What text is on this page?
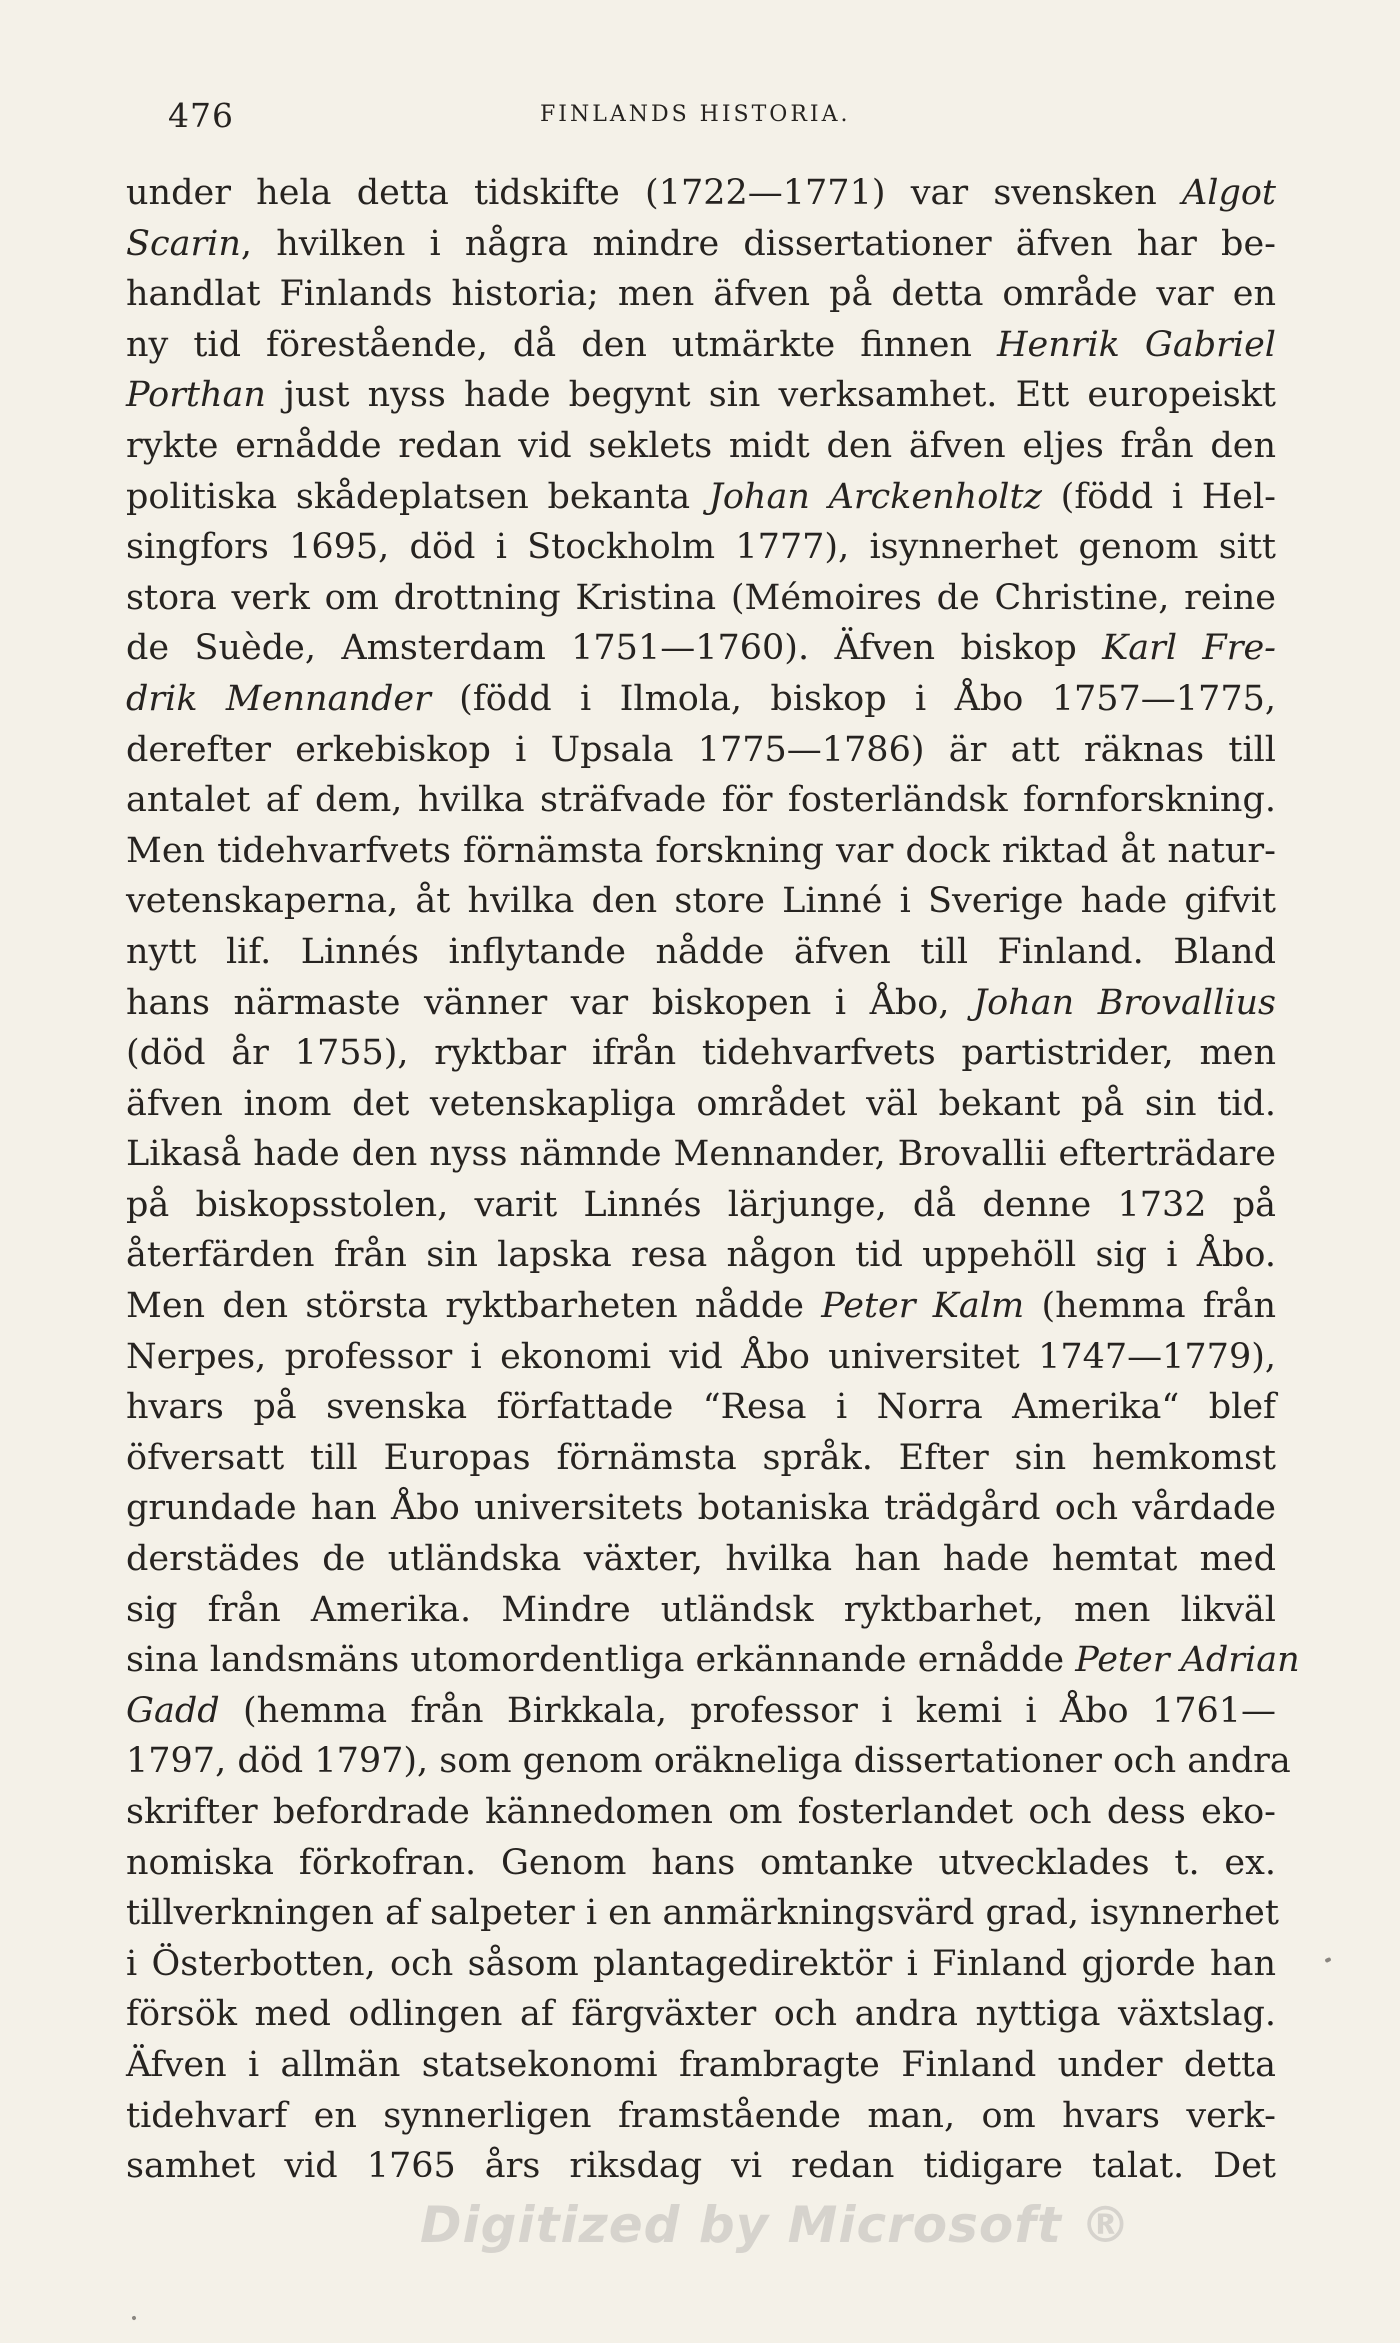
476	FINLANDS HISTORIA.
under hela detta tidskifte (1722—1771) var svensken Algot
Scarin, hvilken i några mindre dissertationer äfven har be-
handlat Finlands historia; men äfven på detta område var en
ny tid förestående, då den utmärkte finnen Henrik Gabriel
Porthan just nyss hade begynt sin verksamhet. Ett europeiskt
rykte ernådde redan vid seklets midt den äfven eljes från den
politiska skådeplatsen bekanta Johan Arckenholtz (född i Hel-
singfors 1695, död i Stockholm 1777), isynnerhet genom sitt
stora verk om drottning Kristina (Mémoires de Christine, reine
de Suède, Amsterdam 1751—1760). Äfven biskop Karl Fre-
drik Mennander (född i Ilmola, biskop i Åbo 1757—1775,
derefter erkebiskop i Upsala 1775—1786) är att räknas till
antalet af dem, hvilka sträfvade för fosterländsk fornforskning.
Men tidehvarfvets förnämsta forskning var dock riktad åt natur-
vetenskaperna, åt hvilka den store Linné i Sverige hade gifvit
nytt lif. Linnés inflytande nådde äfven till Finland. Bland
hans närmaste vänner var biskopen i Åbo, Johan Brovallius
(död år 1755), ryktbar ifrån tidehvarfvets partistrider, men
äfven inom det vetenskapliga området väl bekant på sin tid.
Likaså hade den nyss nämnde Mennander, Brovallii efterträdare
på biskopsstolen, varit Linnés lärjunge, då denne 1732 på
återfärden från sin lapska resa någon tid uppehöll sig i Åbo.
Men den största ryktbarheten nådde Peter Kalm (hemma från
Nerpes, professor i ekonomi vid Åbo universitet 1747—1779),
hvars på svenska författade “Resa i Norra Amerika“ blef
öfversatt till Europas förnämsta språk. Efter sin hemkomst
grundade han Åbo universitets botaniska trädgård och vårdade
derstädes de utländska växter, hvilka han hade hemtat med
sig från Amerika. Mindre utländsk ryktbarhet, men likväl
sina landsmäns utomordentliga erkännande ernådde Peter Adrian
Gadd (hemma från Birkkala, professor i kemi i Åbo 1761—
1797, död 1797), som genom oräkneliga dissertationer och andra
skrifter befordrade kännedomen om fosterlandet och dess eko-
nomiska förkofran. Genom hans omtanke utvecklades t. ex.
tillverkningen af salpeter i en anmärkningsvärd grad, isynnerhet
i Österbotten, och såsom plantagedirektör i Finland gjorde han
försök med odlingen af färgväxter och andra nyttiga växtslag.
Äfven i allmän statsekonomi frambragte Finland under detta
tidehvarf en synnerligen framstående man, om hvars verk-
samhet vid 1765 års riksdag vi redan tidigare talat. Det
Digitized by Microsoft ®
